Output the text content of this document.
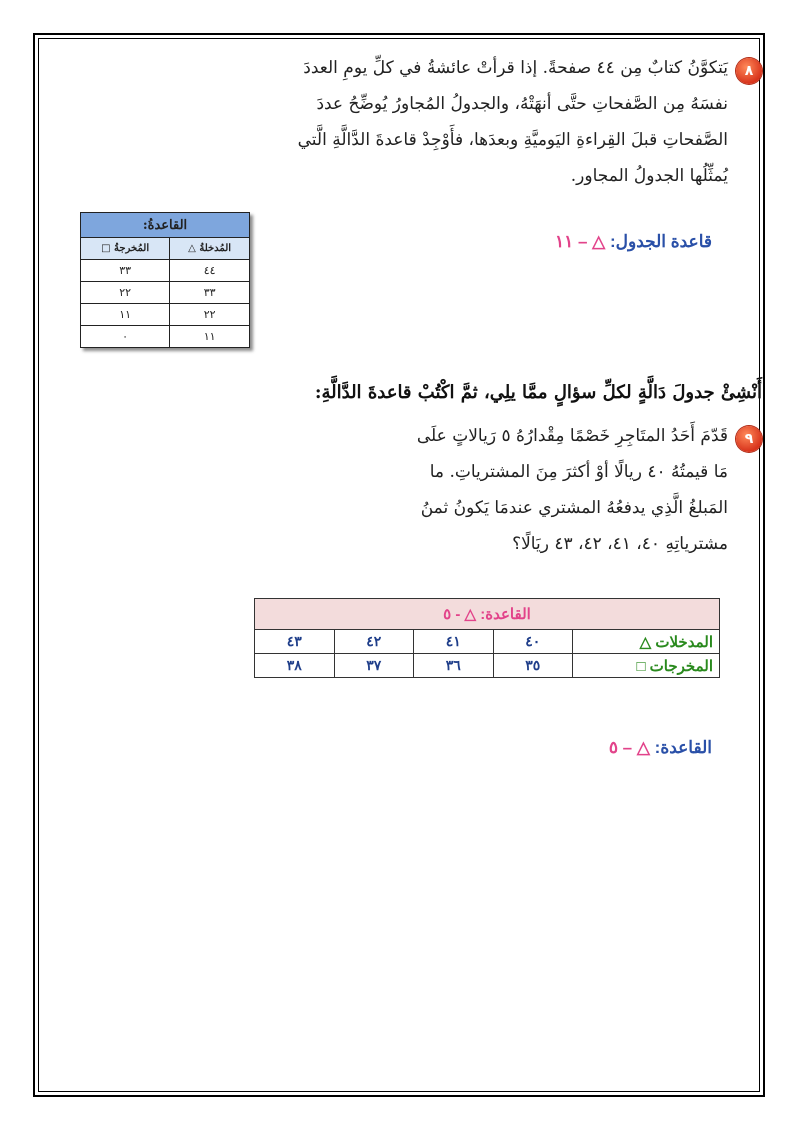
٨
يَتكوَّنُ كتابٌ مِن ٤٤ صفحةً. إذا قرأتْ عائشةُ في كلِّ يومِ العددَ
نفسَهُ مِن الصَّفحاتِ حتَّى أنهَتْهُ، والجدولُ المُجاورُ يُوضِّحُ عددَ
الصَّفحاتِ قبلَ القِراءةِ اليَوميَّةِ وبعدَها، فأَوْجِدْ قاعدةَ الدَّالَّةِ الَّتي
يُمثِّلُها الجدولُ المجاور.
قاعدة الجدول: △ – ١١
القاعدةُ:	
المُدخلةُ △	المُخرجةُ □
٤٤	٣٣
٣٣	٢٢
٢٢	١١
١١	٠
أَنْشِئْ جدولَ دَالَّةٍ لكلِّ سؤالٍ ممَّا يلِي، ثمَّ اكْتُبْ قاعدةَ الدَّالَّةِ:
٩
قَدّمَ أَحَدُ المتَاجِرِ خَصْمًا مِقْدارُهُ ٥ رَيالاتٍ علَى
مَا قيمتُهُ ٤٠ ريالًا أوْ أكثرَ مِنَ المشترياتِ. ما
المَبلغُ الَّذِي يدفعُهُ المشتري عندمَا يَكونُ ثمنُ
مشترياتِهِ ٤٠، ٤١، ٤٢، ٤٣ ريَالًا؟
القاعدة: △ - ٥				
المدخلات △	٤٠	٤١	٤٢	٤٣
المخرجات □	٣٥	٣٦	٣٧	٣٨
القاعدة: △ – ٥
